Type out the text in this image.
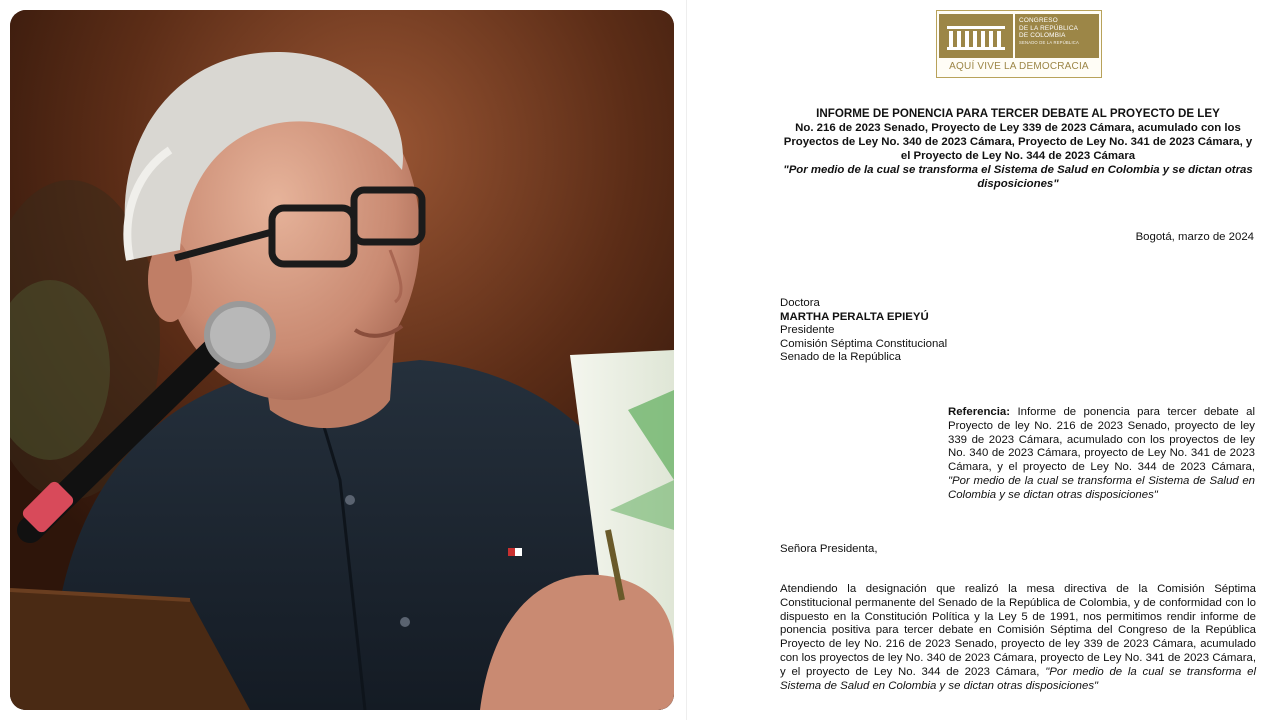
CONGRESO
DE LA REPÚBLICA
DE COLOMBIA
SENADO DE LA REPÚBLICA
AQUÍ VIVE LA DEMOCRACIA
INFORME DE PONENCIA PARA TERCER DEBATE AL PROYECTO DE LEY
No. 216 de 2023 Senado, Proyecto de Ley 339 de 2023 Cámara, acumulado con los Proyectos de Ley No. 340 de 2023 Cámara, Proyecto de Ley No. 341 de 2023 Cámara, y el Proyecto de Ley No. 344 de 2023 Cámara
"Por medio de la cual se transforma el Sistema de Salud en Colombia y se dictan otras disposiciones"
Bogotá, marzo de 2024
Doctora
MARTHA PERALTA EPIEYÚ
Presidente
Comisión Séptima Constitucional
Senado de la República
Referencia: Informe de ponencia para tercer debate al Proyecto de ley No. 216 de 2023 Senado, proyecto de ley 339 de 2023 Cámara, acumulado con los proyectos de ley No. 340 de 2023 Cámara, proyecto de Ley No. 341 de 2023 Cámara, y el proyecto de Ley No. 344 de 2023 Cámara, "Por medio de la cual se transforma el Sistema de Salud en Colombia y se dictan otras disposiciones"
Señora Presidenta,
Atendiendo la designación que realizó la mesa directiva de la Comisión Séptima Constitucional permanente del Senado de la República de Colombia, y de conformidad con lo dispuesto en la Constitución Política y la Ley 5 de 1991, nos permitimos rendir informe de ponencia positiva para tercer debate en Comisión Séptima del Congreso de la República Proyecto de ley No. 216 de 2023 Senado, proyecto de ley 339 de 2023 Cámara, acumulado con los proyectos de ley No. 340 de 2023 Cámara, proyecto de Ley No. 341 de 2023 Cámara, y el proyecto de Ley No. 344 de 2023 Cámara, "Por medio de la cual se transforma el Sistema de Salud en Colombia y se dictan otras disposiciones"
